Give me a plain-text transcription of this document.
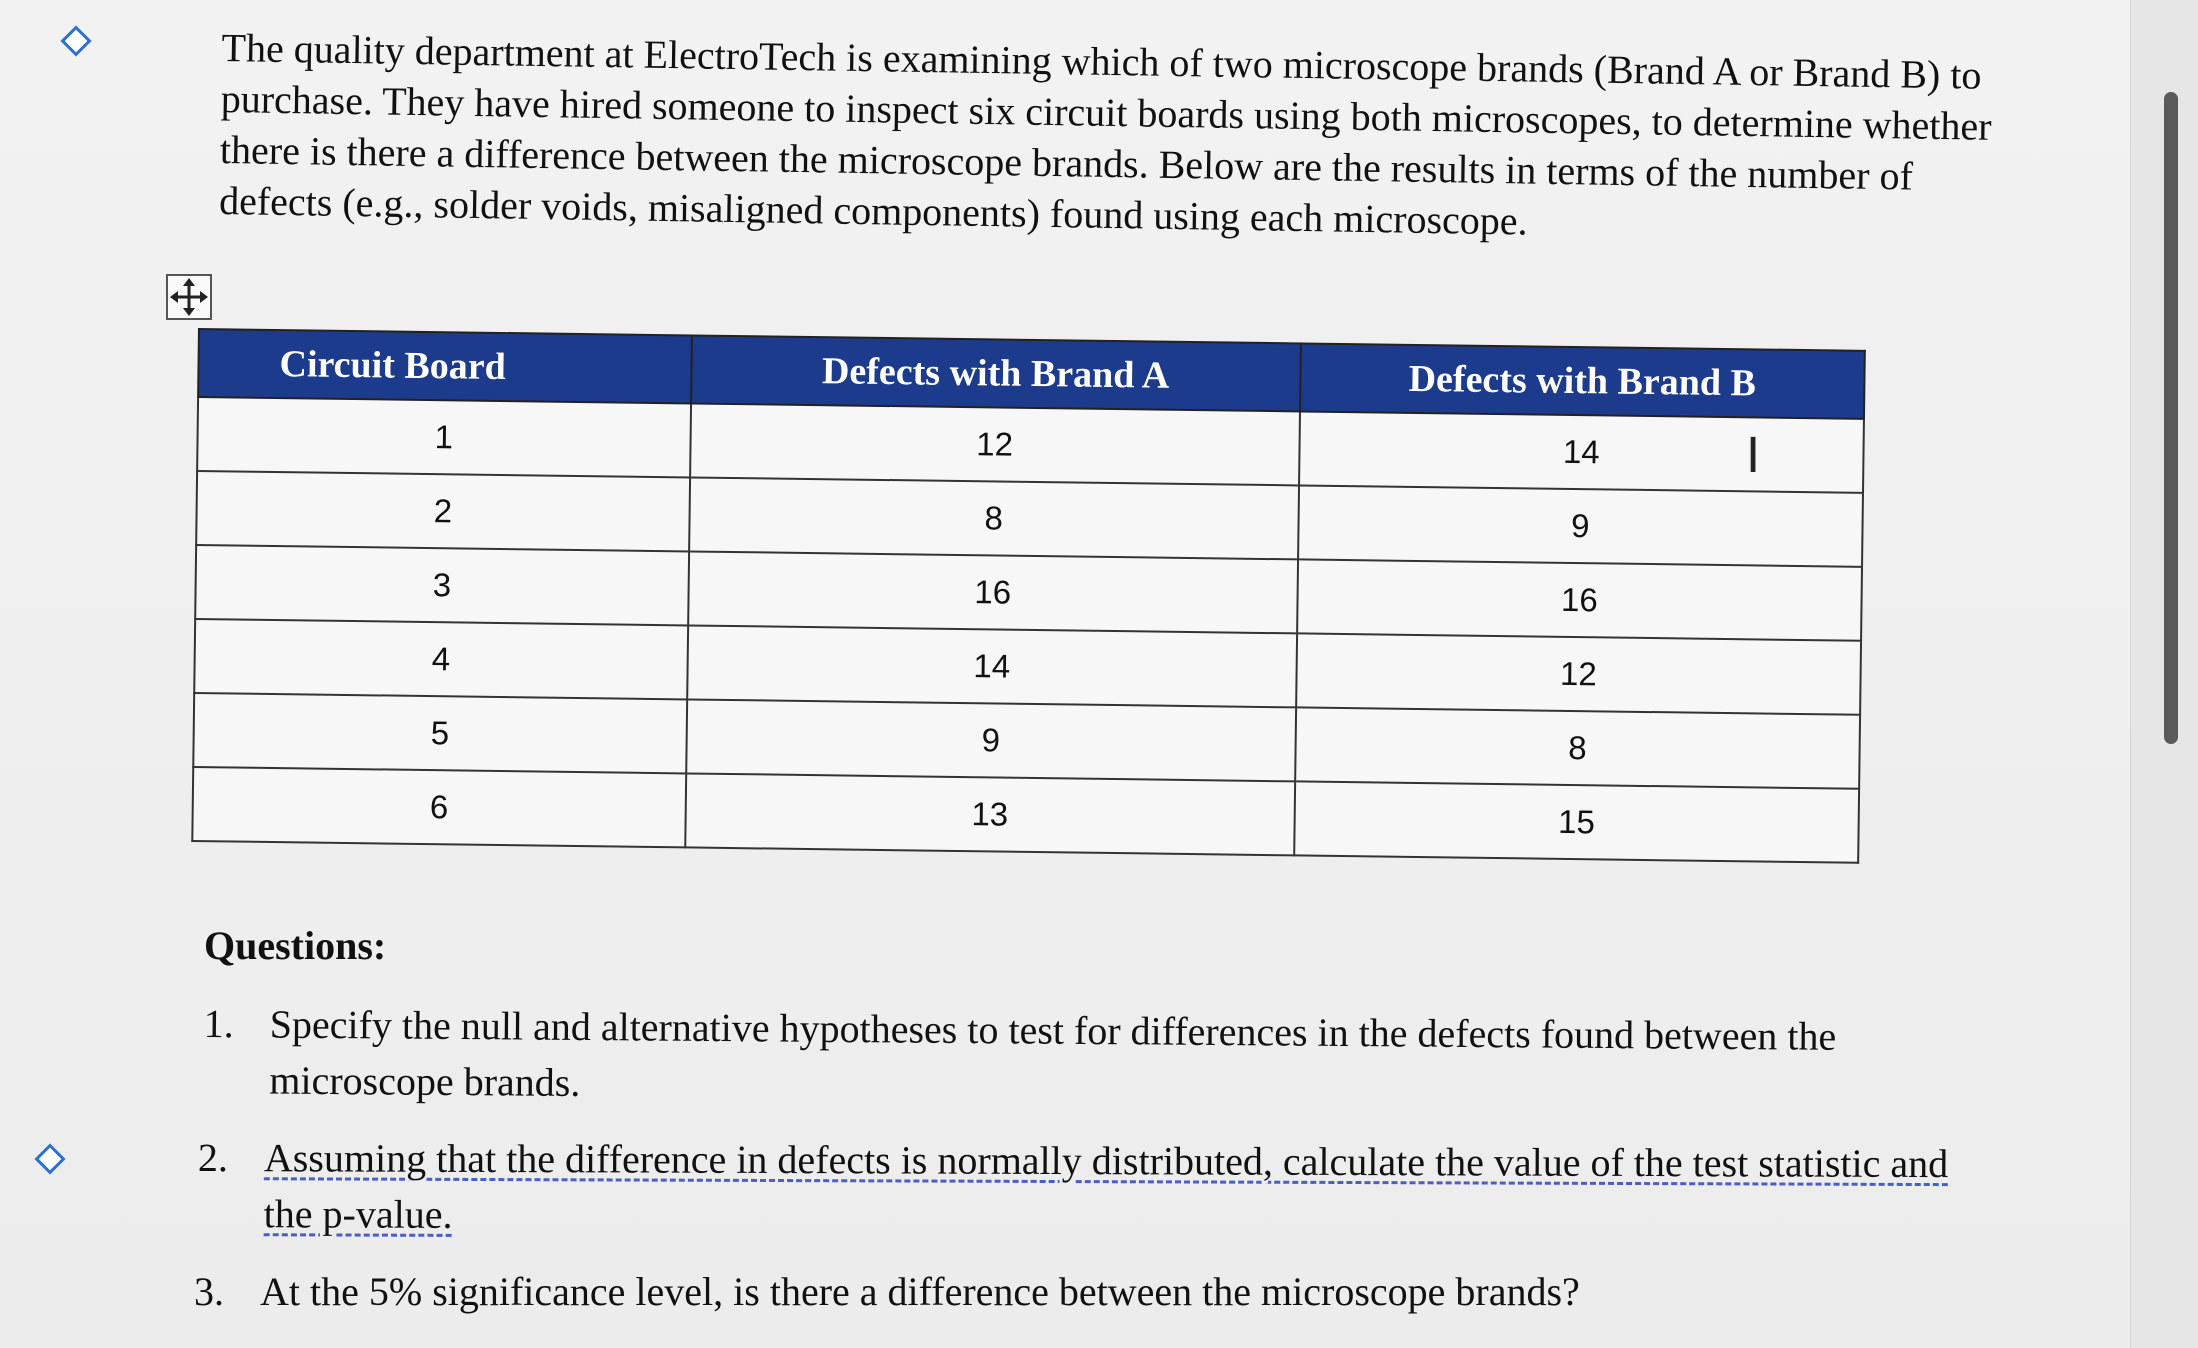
The quality department at ElectroTech is examining which of two microscope brands (Brand A or Brand B) to purchase. They have hired someone to inspect six circuit boards using both microscopes, to determine whether there is there a difference between the microscope brands. Below are the results in terms of the number of defects (e.g., solder voids, misaligned components) found using each microscope.
Circuit Board	Defects with Brand A	Defects with Brand B
1	12	14
2	8	9
3	16	16
4	14	12
5	9	8
6	13	15
I
Questions:
1. Specify the null and alternative hypotheses to test for differences in the defects found between the microscope brands.
2. Assuming that the difference in defects is normally distributed, calculate the value of the test statistic and the p-value.
3. At the 5% significance level, is there a difference between the microscope brands?
